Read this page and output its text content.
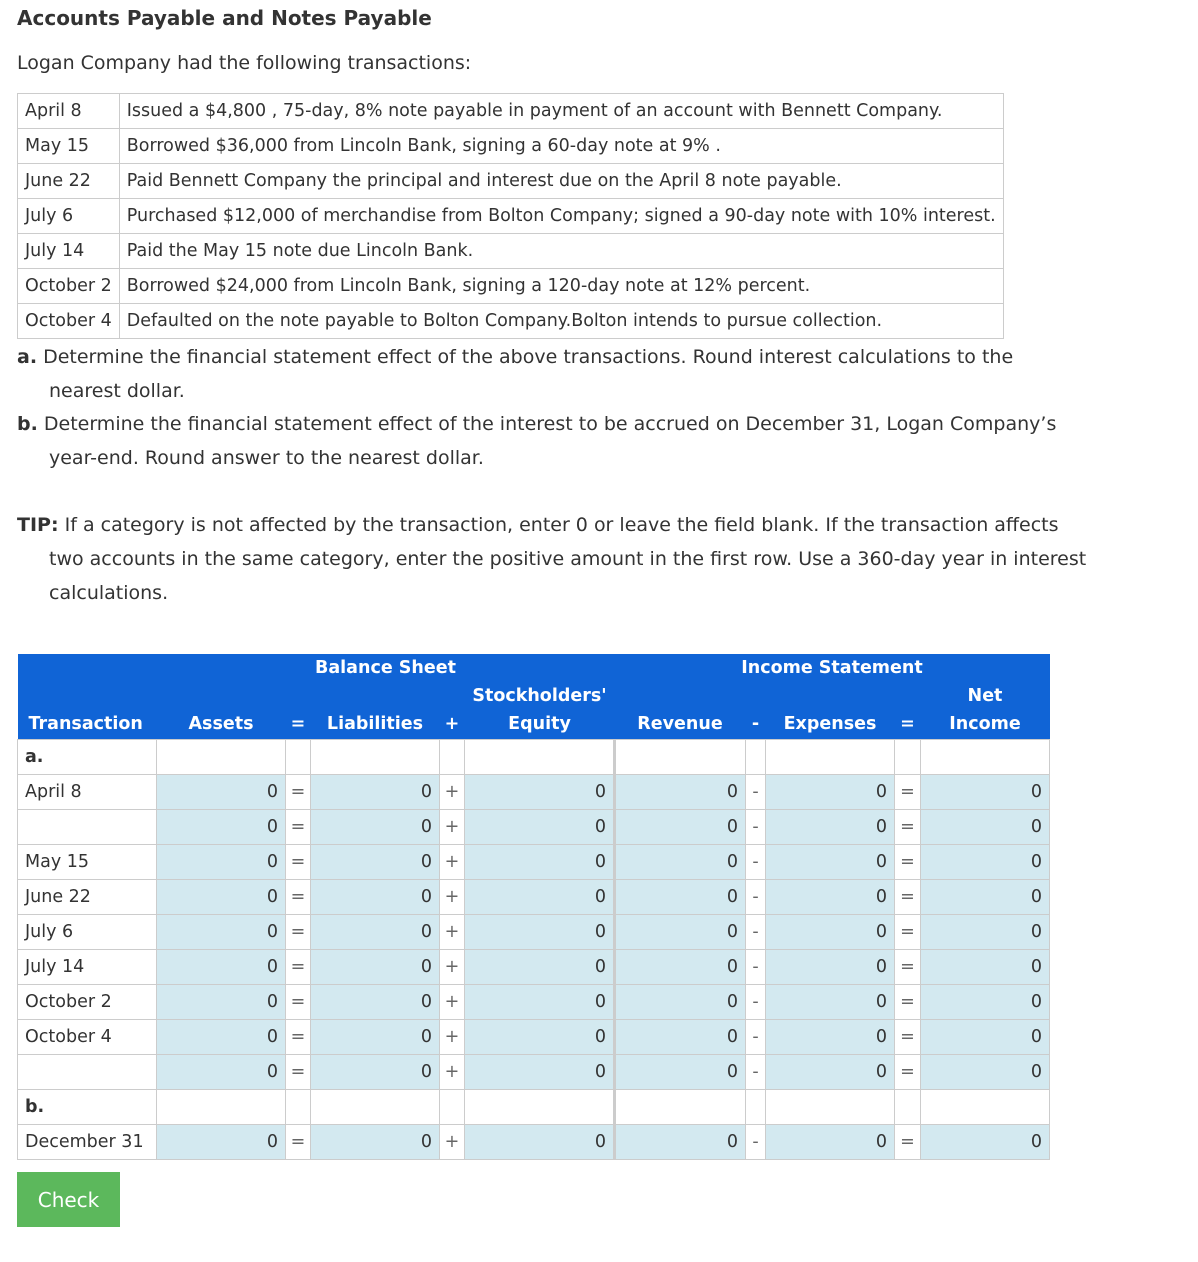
Accounts Payable and Notes Payable
Logan Company had the following transactions:
April 8	Issued a $4,800 , 75-day, 8% note payable in payment of an account with Bennett Company.
May 15	Borrowed $36,000 from Lincoln Bank, signing a 60-day note at 9% .
June 22	Paid Bennett Company the principal and interest due on the April 8 note payable.
July 6	Purchased $12,000 of merchandise from Bolton Company; signed a 90-day note with 10% interest.
July 14	Paid the May 15 note due Lincoln Bank.
October 2	Borrowed $24,000 from Lincoln Bank, signing a 120-day note at 12% percent.
October 4	Defaulted on the note payable to Bolton Company.Bolton intends to pursue collection.
a. Determine the financial statement effect of the above transactions. Round interest calculations to the nearest dollar.
b. Determine the financial statement effect of the interest to be accrued on December 31, Logan Company’s year-end. Round answer to the nearest dollar.
TIP: If a category is not affected by the transaction, enter 0 or leave the field blank. If the transaction affects two accounts in the same category, enter the positive amount in the first row. Use a 360-day year in interest calculations.
	Balance Sheet					Income Statement				
					Stockholders'					Net
Transaction	Assets	=	Liabilities	+	Equity	Revenue	-	Expenses	=	Income
a.										
April 8	0	=	0	+	0	0	-	0	=	0
	0	=	0	+	0	0	-	0	=	0
May 15	0	=	0	+	0	0	-	0	=	0
June 22	0	=	0	+	0	0	-	0	=	0
July 6	0	=	0	+	0	0	-	0	=	0
July 14	0	=	0	+	0	0	-	0	=	0
October 2	0	=	0	+	0	0	-	0	=	0
October 4	0	=	0	+	0	0	-	0	=	0
	0	=	0	+	0	0	-	0	=	0
b.										
December 31	0	=	0	+	0	0	-	0	=	0
Check
